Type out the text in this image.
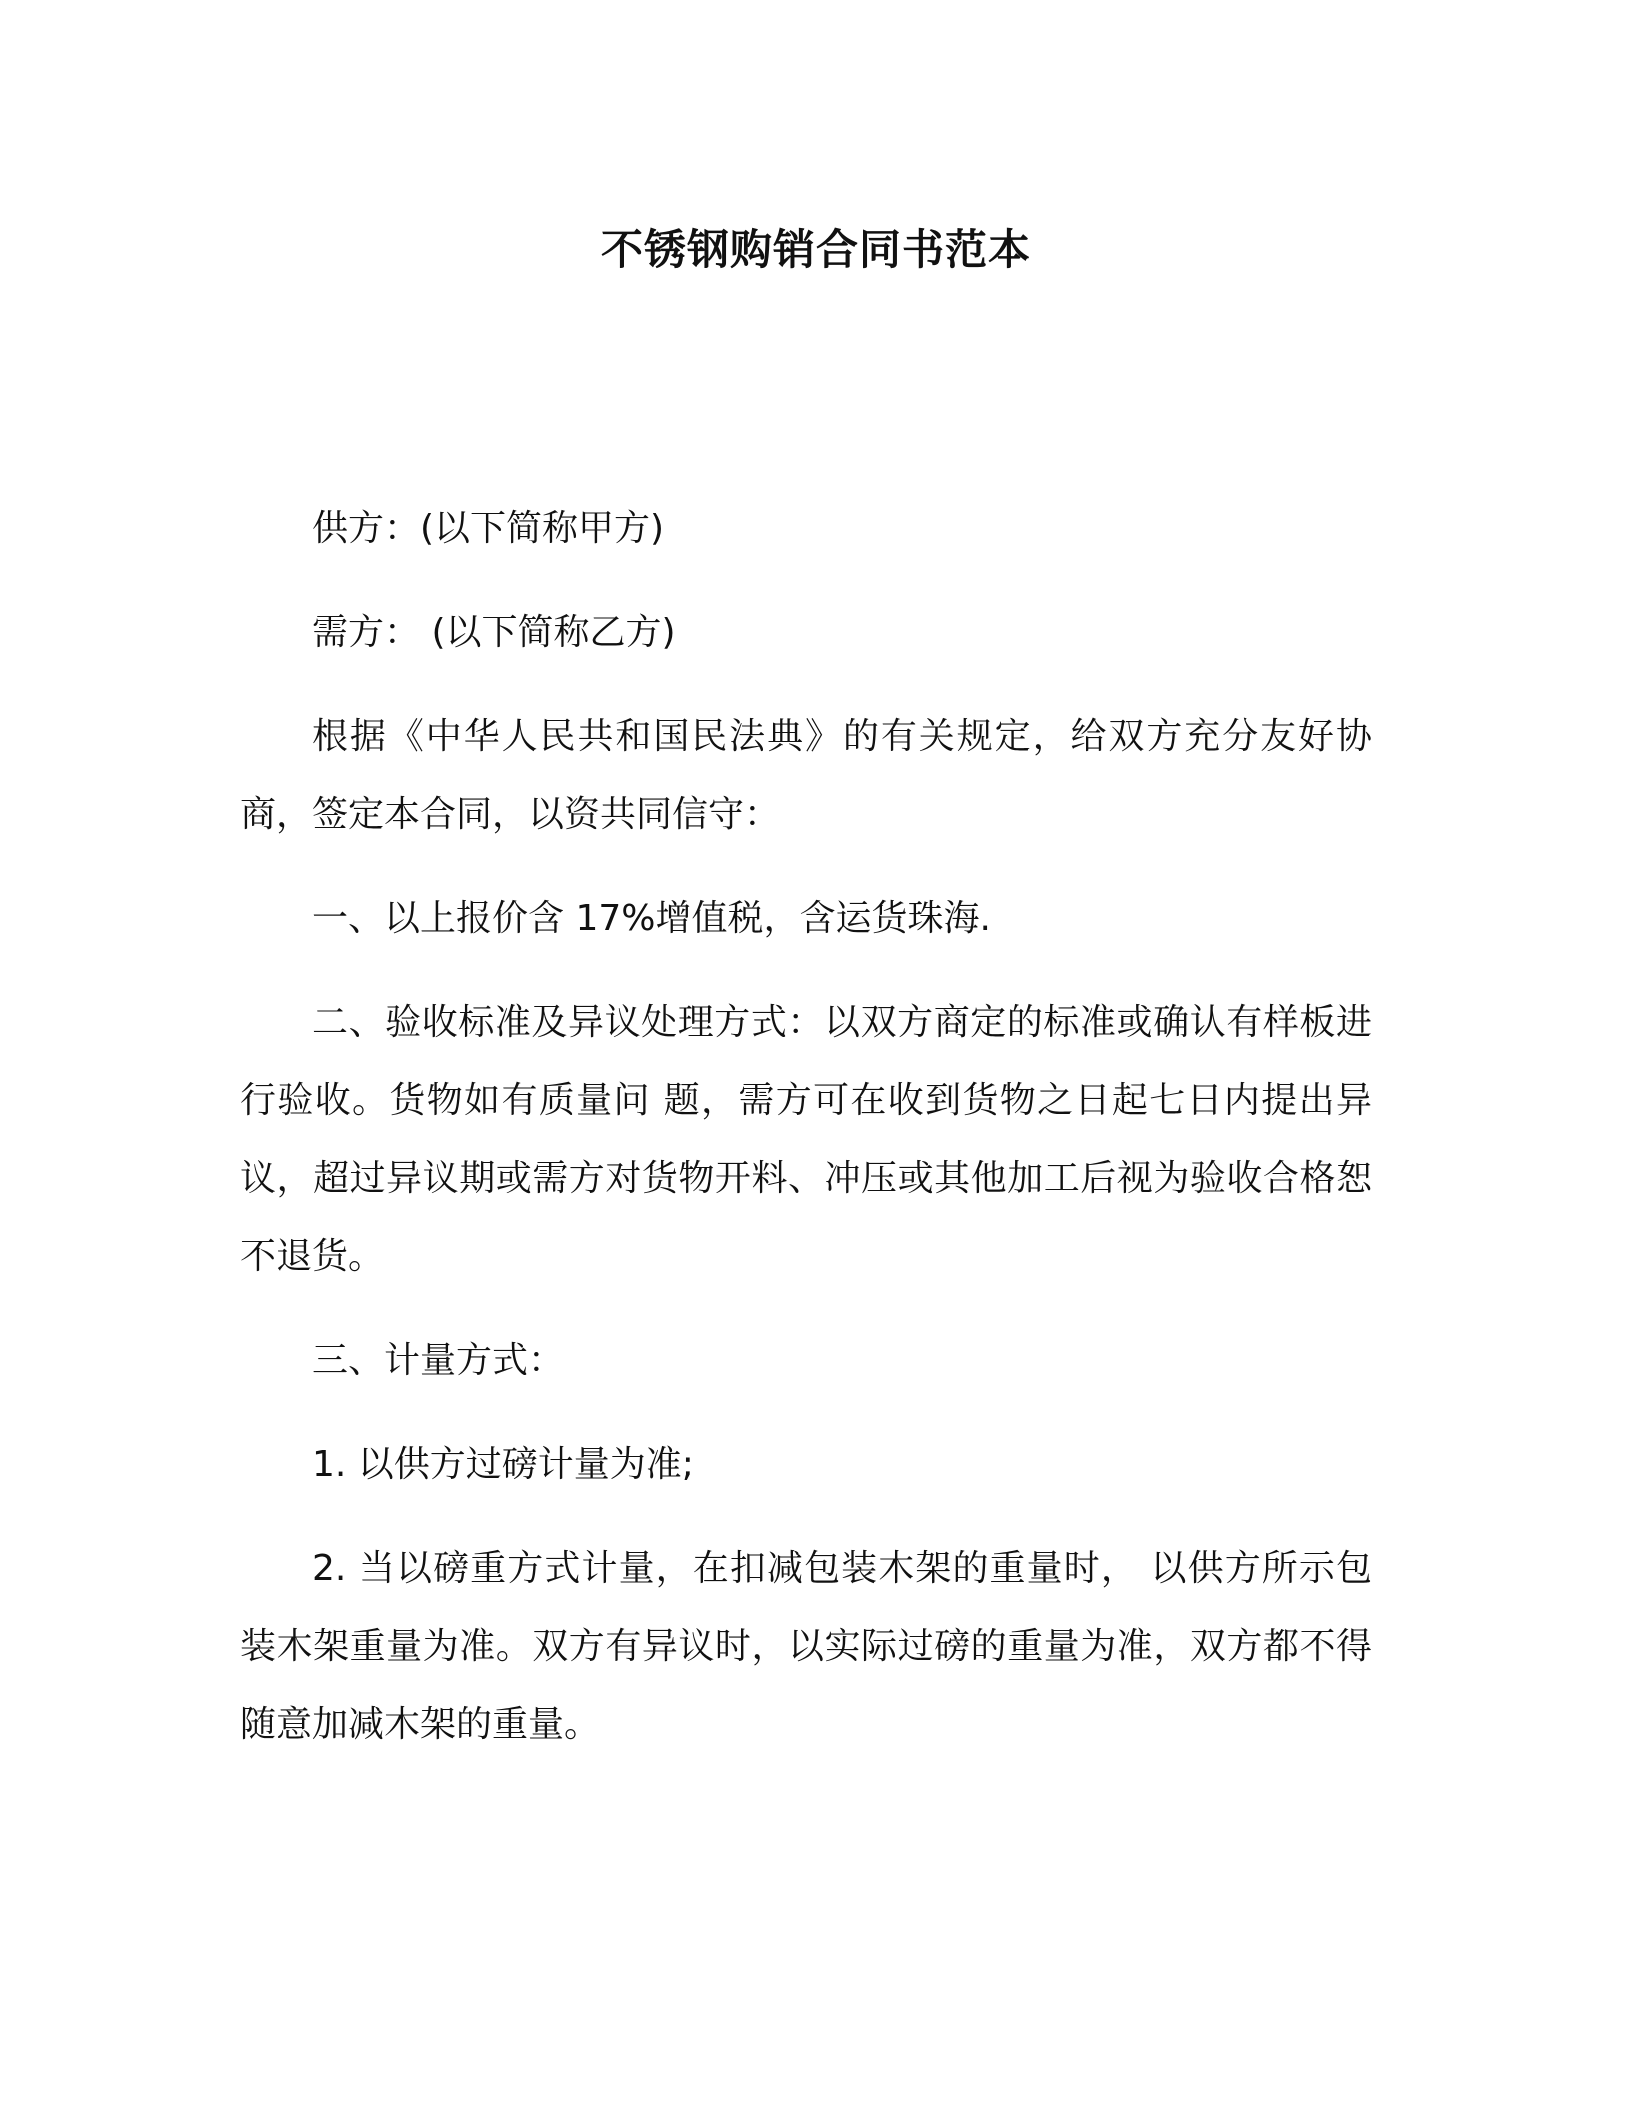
不锈钢购销合同书范本

供方：(以下简称甲方)

需方： (以下简称乙方)

根据《中华人民共和国民法典》的有关规定，给双方充分友好协商，签定本合同，以资共同信守：

一、以上报价含 17%增值税，含运货珠海.

二、验收标准及异议处理方式：以双方商定的标准或确认有样板进行验收。货物如有质量问 题，需方可在收到货物之日起七日内提出异议，超过异议期或需方对货物开料、冲压或其他加工后视为验收合格恕不退货。

三、计量方式：

1. 以供方过磅计量为准;

2. 当以磅重方式计量，在扣减包装木架的重量时， 以供方所示包装木架重量为准。双方有异议时，以实际过磅的重量为准，双方都不得随意加减木架的重量。
